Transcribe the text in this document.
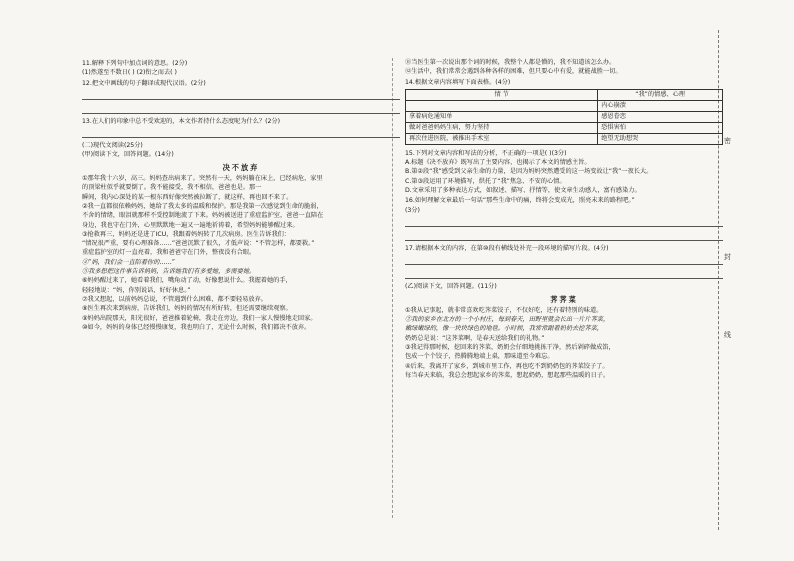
密
封
线
11.解释下列句中加点词的意思。(2分)
(1)然遂至不数日( ) (2)衔之而去( )
12.把文中画线的句子翻译成现代汉语。(2分)
13.在人们的印象中总不受欢迎的，本文作者持什么态度呢为什么？(2分)
(二)现代文阅读(25分)
(甲)阅读下文，回答问题。(14分)
决不放弃
①那年我十六岁，高三。妈妈查出病来了。突然有一天，妈妈躺在床上，已经病危，家里
的顶梁柱似乎就要倒了。我不能接受，我不相信，爸爸也是。那一
瞬间，我内心深处的某一根东西好像突然被拉断了，就这样，再也回不来了。
②我一直都很依赖妈妈，她给了我太多的温暖和保护。那是我第一次感觉到生命的脆弱，
不舍的情绪，眼泪就那样不受控制地流了下来。妈妈被送进了重症监护室，爸爸一直陪在
身边，我也守在门外，心里默默地一遍又一遍地祈祷着，希望妈妈能够醒过来。
③抢救再三，妈妈还是进了ICU，我跟着妈妈转了几次病房。医生告诉我们：
“情况很严重，要有心理准备……”爸爸沉默了很久，才低声说：“不管怎样，都要救。”
重症监护室的灯一直亮着，我和爸爸守在门外，整夜没有合眼。
④“妈，我们会一直陪着你的……”
⑤我多想把这件事告诉妈妈，告诉她我们有多爱她，多需要她。
⑥妈妈醒过来了，她看着我们，嘴角动了动，好像想说什么。我握着她的手，
轻轻地说：“妈，你别说话，好好休息。”
⑦我又想起，以前妈妈总说，不管遇到什么困难，都不要轻易放弃。
⑧医生再次来到病房，告诉我们，妈妈的情况有所好转，但还需要继续观察。
⑨妈妈出院那天，阳光很好，爸爸推着轮椅，我走在旁边，我们一家人慢慢地走回家。
⑩如今，妈妈的身体已经慢慢康复，我也明白了，无论什么时候，我们都决不放弃。
⑪当医生第一次说出那个词的时候，我整个人都是懵的，我不知道该怎么办。
⑫生活中，我们常常会遇到各种各样的困难，但只要心中有爱，就能战胜一切。
14.根据文章内容填写下面表格。(4分)
情 节	“我”的情感、心理
	内心崩溃
拿着病危通知单	感恩眷恋
做对爸爸妈妈生病，努力坚持	恐惧害怕
再次住进医院，被推出手术室	绝望无助想哭
15.下列对文章内容和写法的分析，不正确的一项是( )(3分)
A.标题《决不放弃》既写出了主要内容，也揭示了本文的情感主旨。
B.第②段“我”感受到父亲生命的力量，是因为妈妈突然遭受的这一场变故让“我”一夜长大。
C.第③段运用了环境描写，烘托了“我”焦急、不安的心情。
D.文章采用了多种表达方式，如叙述、描写、抒情等，使文章生动感人，富有感染力。
16.如何理解文章最后一句话“那些生命中的痛，终将会变成光，照亮未来的路程吧。”
(3分)
17.请根据本文的内容，在第⑩段有横线处补充一段环境的描写片段。(4分)
(乙)阅读下文，回答问题。(11分)
荠荠菜
①我从记事起，就非常喜欢吃荠菜饺子，不仅好吃，还有着特别的味道。
②我的家乡在北方的一个小村庄，每到春天，田野里就会长出一片片荠菜，
嫩绿嫩绿的，像一块块绿色的地毯。小时候，我常常跟着奶奶去挖荠菜，
奶奶总是说：“这荠菜啊，是春天送给我们的礼物。”
③我记得那时候，挖回来的荠菜，奶奶会仔细地挑拣干净，然后剁碎做成馅，
包成一个个饺子，热腾腾地端上桌，那味道至今难忘。
④后来，我离开了家乡，到城市里工作，再也吃不到奶奶包的荠菜饺子了。
每当春天来临，我总会想起家乡的荠菜，想起奶奶，想起那些温暖的日子。
